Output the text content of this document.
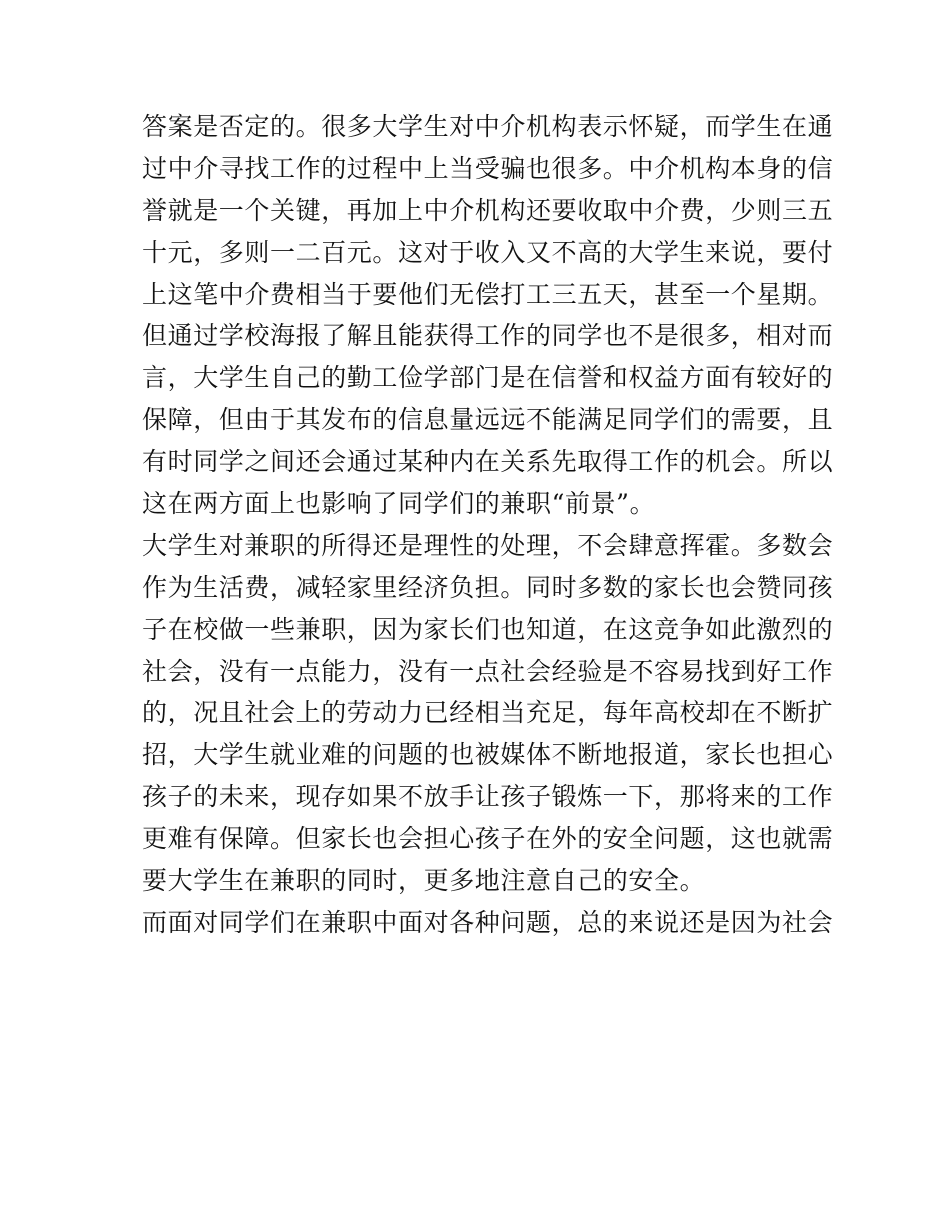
答案是否定的。很多大学生对中介机构表示怀疑，而学生在通
过中介寻找工作的过程中上当受骗也很多。中介机构本身的信
誉就是一个关键，再加上中介机构还要收取中介费，少则三五
十元，多则一二百元。这对于收入又不高的大学生来说，要付
上这笔中介费相当于要他们无偿打工三五天，甚至一个星期。
但通过学校海报了解且能获得工作的同学也不是很多，相对而
言，大学生自己的勤工俭学部门是在信誉和权益方面有较好的
保障，但由于其发布的信息量远远不能满足同学们的需要，且
有时同学之间还会通过某种内在关系先取得工作的机会。所以
这在两方面上也影响了同学们的兼职“前景”。
大学生对兼职的所得还是理性的处理，不会肆意挥霍。多数会
作为生活费，减轻家里经济负担。同时多数的家长也会赞同孩
子在校做一些兼职，因为家长们也知道，在这竞争如此激烈的
社会，没有一点能力，没有一点社会经验是不容易找到好工作
的，况且社会上的劳动力已经相当充足，每年高校却在不断扩
招，大学生就业难的问题的也被媒体不断地报道，家长也担心
孩子的未来，现存如果不放手让孩子锻炼一下，那将来的工作
更难有保障。但家长也会担心孩子在外的安全问题，这也就需
要大学生在兼职的同时，更多地注意自己的安全。
而面对同学们在兼职中面对各种问题，总的来说还是因为社会
